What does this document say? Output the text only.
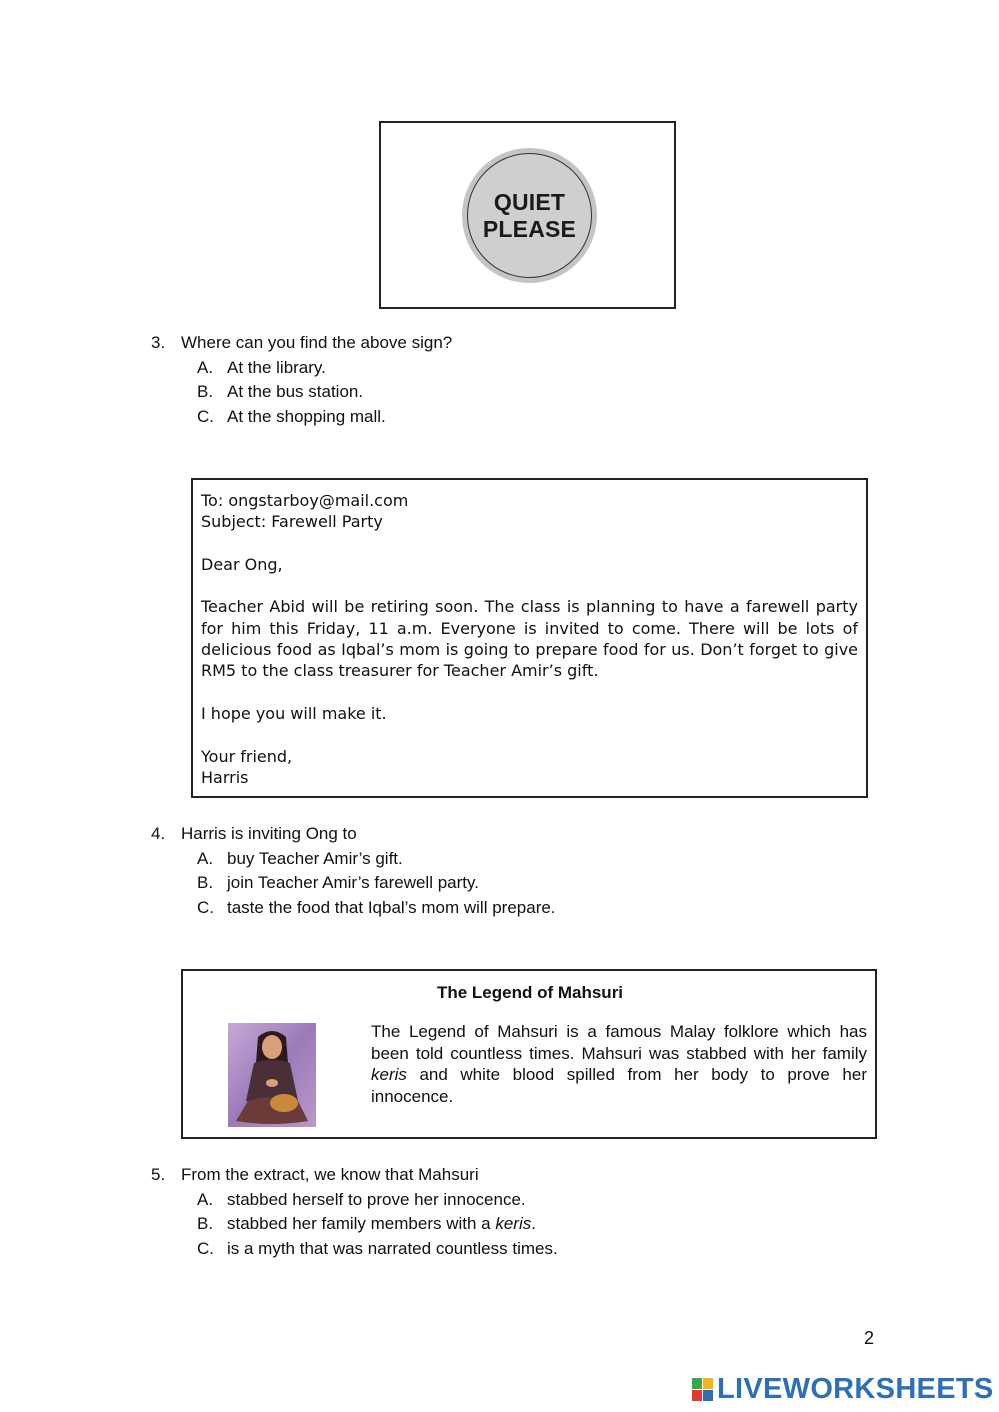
QUIET
PLEASE
3. Where can you find the above sign?
A. At the library.
B. At the bus station.
C. At the shopping mall.

To: ongstarboy@mail.com

Subject: Farewell Party

Dear Ong,

Teacher Abid will be retiring soon. The class is planning to have a farewell party for him this Friday, 11 a.m. Everyone is invited to come. There will be lots of delicious food as Iqbal’s mom is going to prepare food for us. Don’t forget to give RM5 to the class treasurer for Teacher Amir’s gift.

I hope you will make it.

Your friend,

Harris

4. Harris is inviting Ong to
A. buy Teacher Amir’s gift.
B. join Teacher Amir’s farewell party.
C. taste the food that Iqbal’s mom will prepare.
The Legend of Mahsuri
The Legend of Mahsuri is a famous Malay folklore which has been told countless times. Mahsuri was stabbed with her family keris and white blood spilled from her body to prove her innocence.
5. From the extract, we know that Mahsuri
A. stabbed herself to prove her innocence.
B. stabbed her family members with a keris.
C. is a myth that was narrated countless times.
2
LIVEWORKSHEETS
